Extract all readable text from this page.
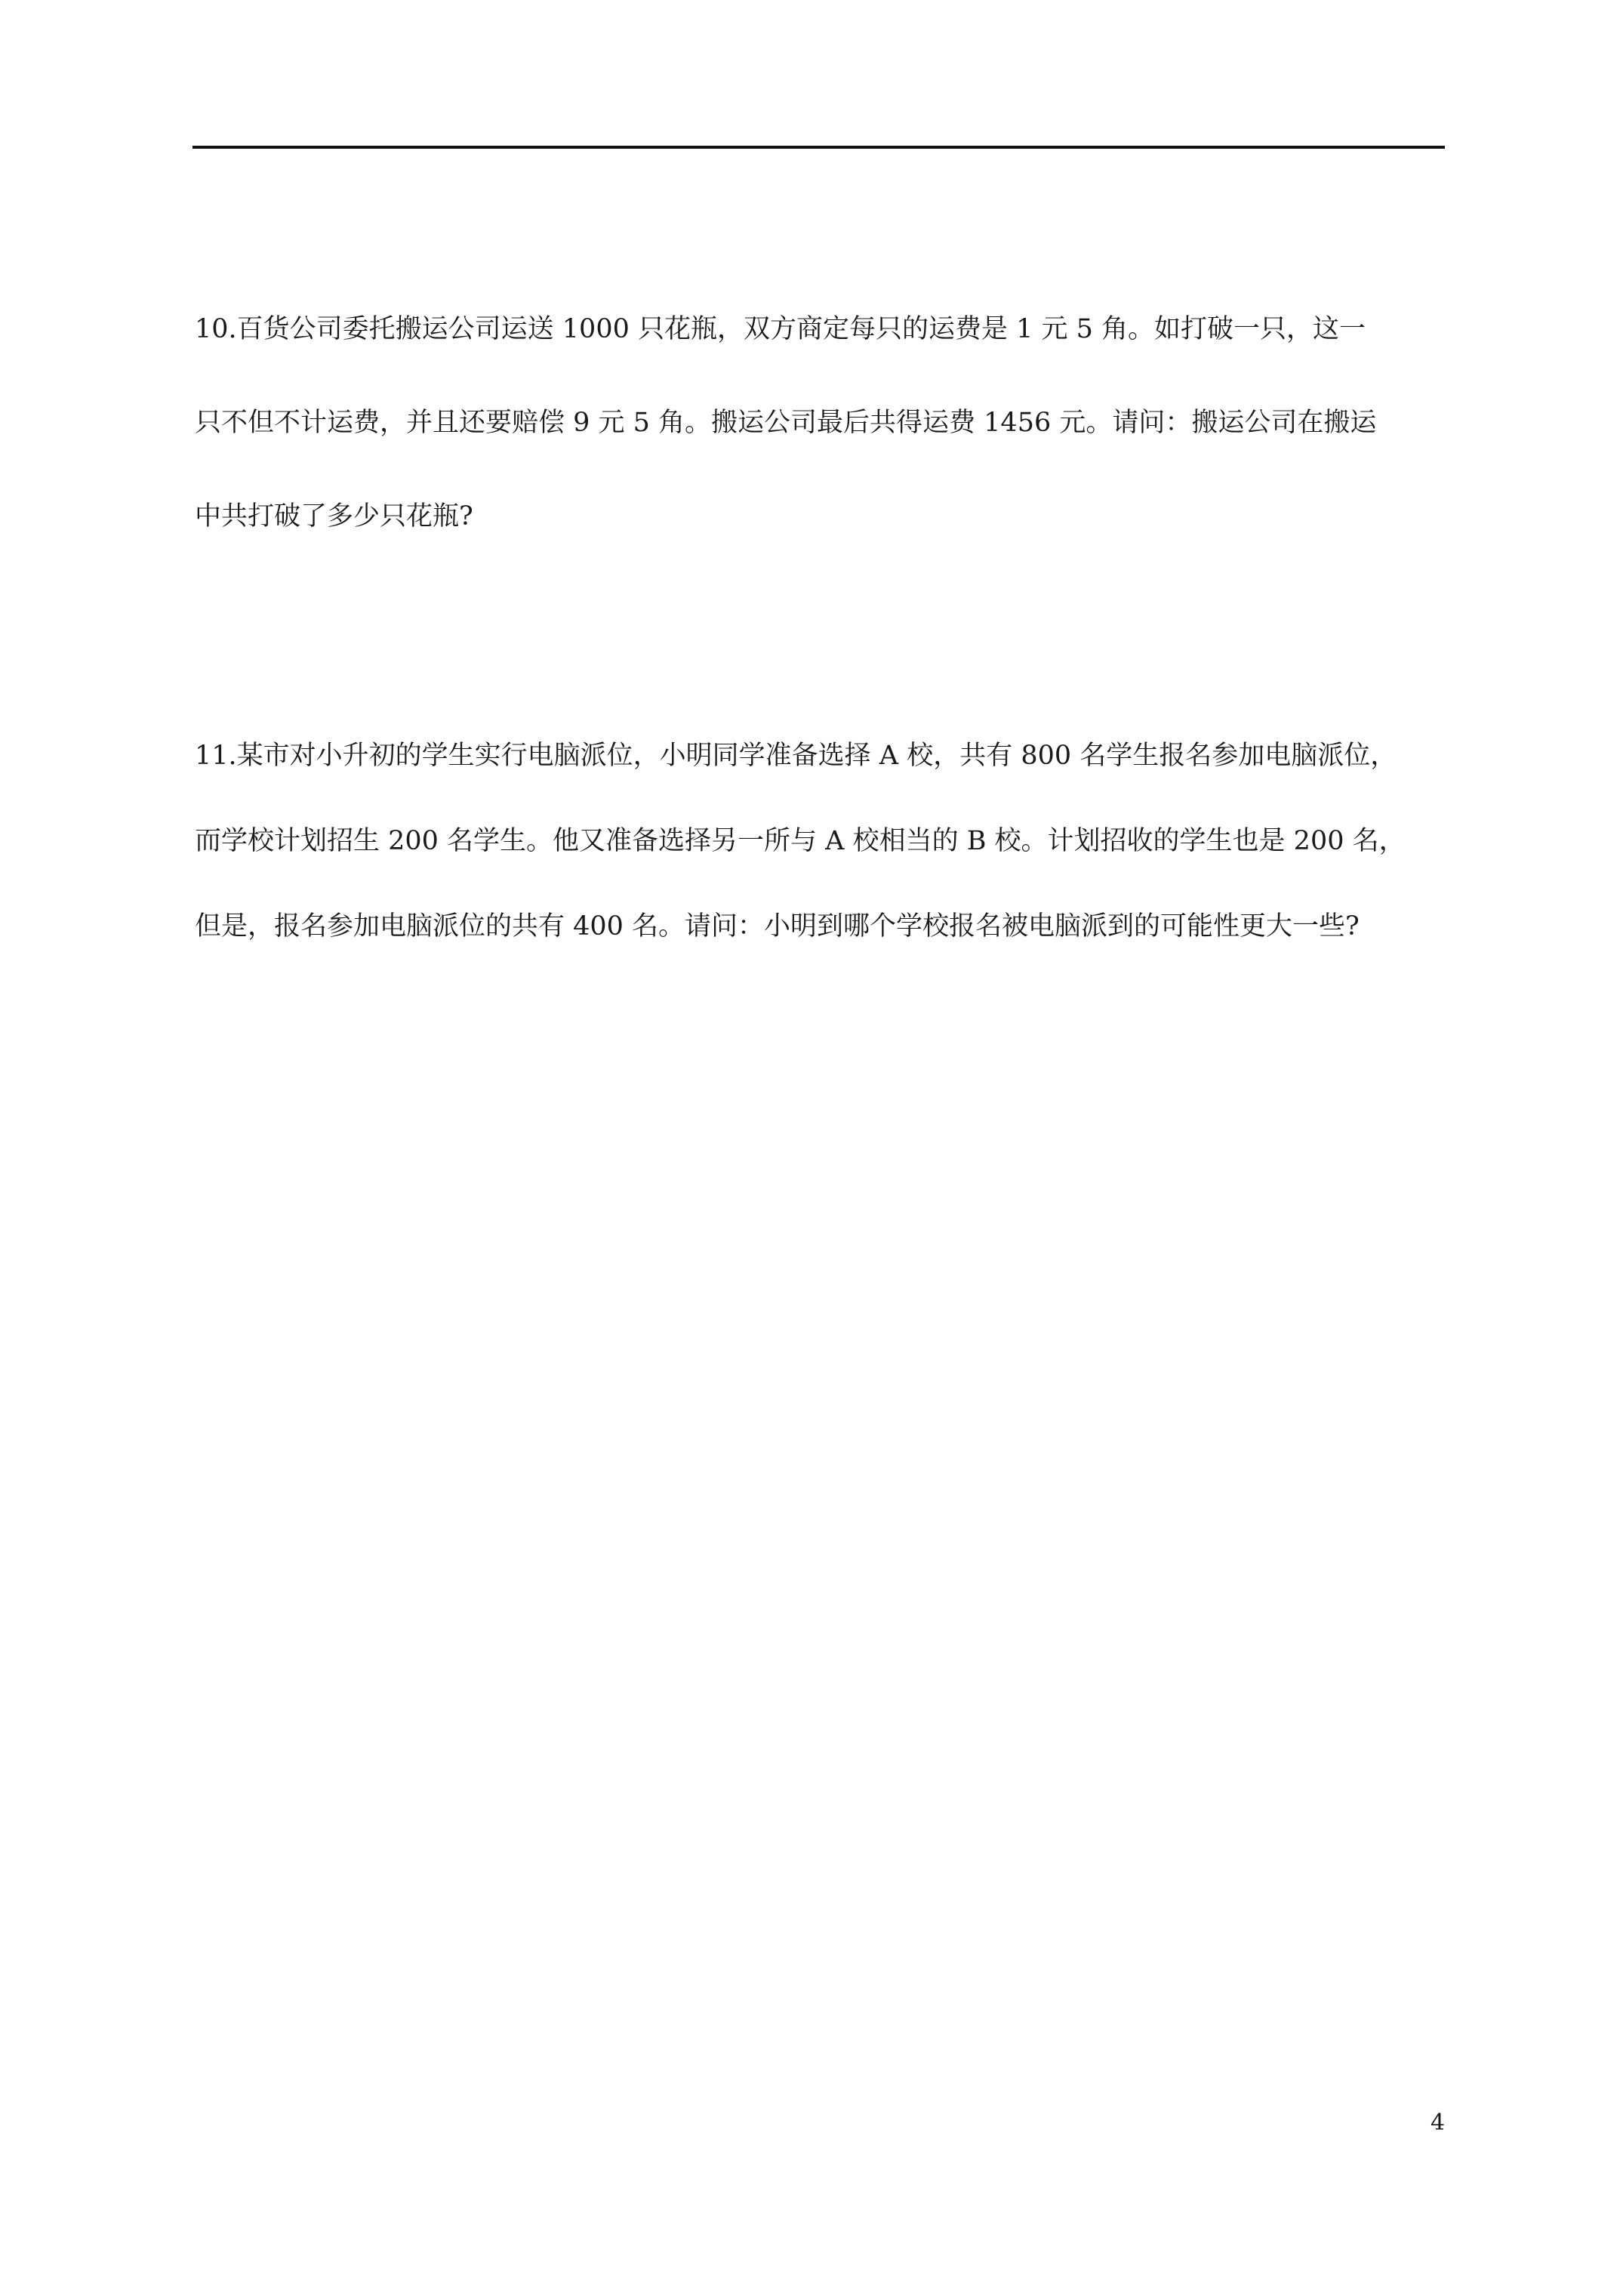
10.百货公司委托搬运公司运送 1000 只花瓶，双方商定每只的运费是 1 元 5 角。如打破一只，这一
只不但不计运费，并且还要赔偿 9 元 5 角。搬运公司最后共得运费 1456 元。请问：搬运公司在搬运
中共打破了多少只花瓶?
11.某市对小升初的学生实行电脑派位，小明同学准备选择 A 校，共有 800 名学生报名参加电脑派位，
而学校计划招生 200 名学生。他又准备选择另一所与 A 校相当的 B 校。计划招收的学生也是 200 名，
但是，报名参加电脑派位的共有 400 名。请问：小明到哪个学校报名被电脑派到的可能性更大一些?
4
